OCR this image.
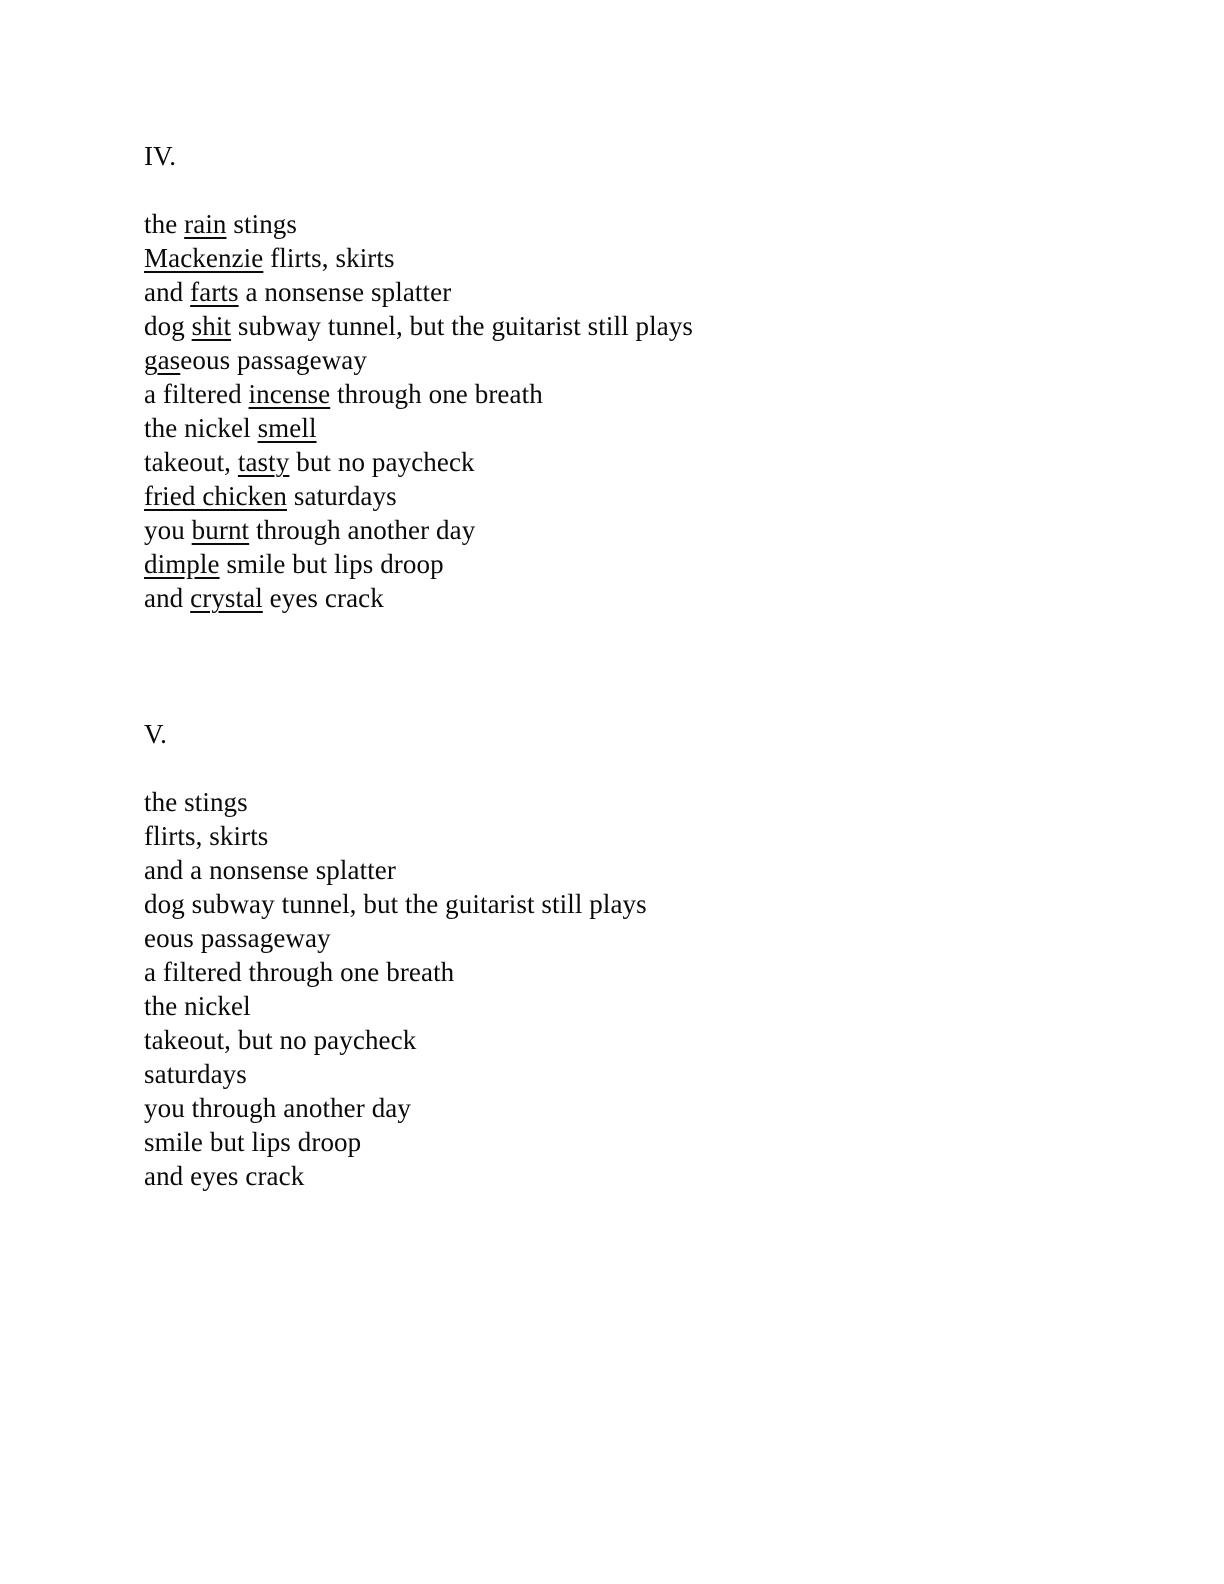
IV.
the rain stings
Mackenzie flirts, skirts
and farts a nonsense splatter
dog shit subway tunnel, but the guitarist still plays
gaseous passageway
a filtered incense through one breath
the nickel smell
takeout, tasty but no paycheck
fried chicken saturdays
you burnt through another day
dimple smile but lips droop
and crystal eyes crack
V.
the stings
flirts, skirts
and a nonsense splatter
dog subway tunnel, but the guitarist still plays
eous passageway
a filtered through one breath
the nickel
takeout, but no paycheck
saturdays
you through another day
smile but lips droop
and eyes crack
